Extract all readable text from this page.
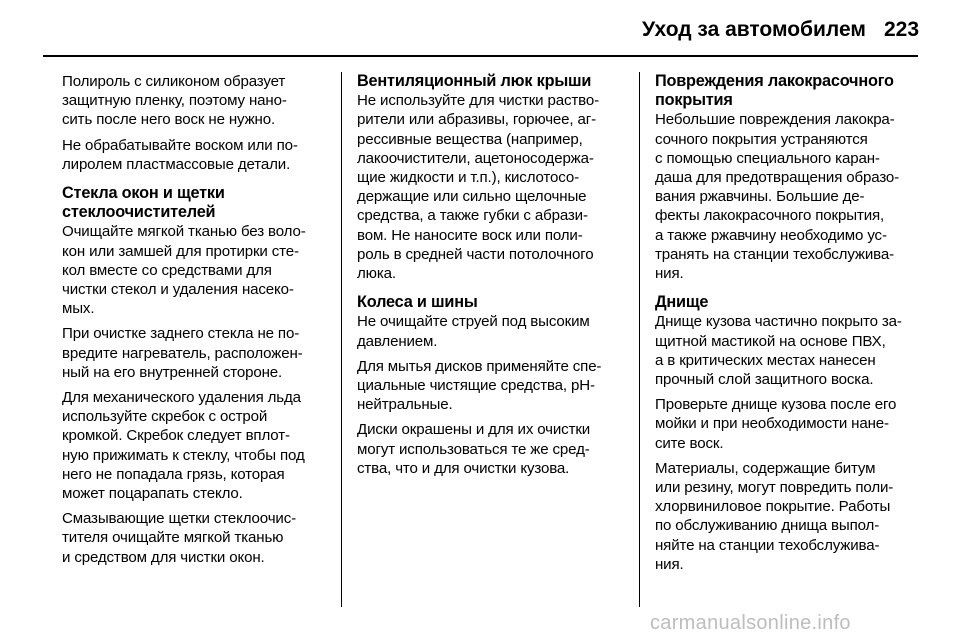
Уход за автомобилем 223

Полироль с силиконом образует
защитную пленку, поэтому нано-
сить после него воск не нужно.

Не обрабатывайте воском или по-
лиролем пластмассовые детали.

Стекла окон и щетки
стеклоочистителей

Очищайте мягкой тканью без воло-
кон или замшей для протирки сте-
кол вместе со средствами для
чистки стекол и удаления насеко-
мых.

При очистке заднего стекла не по-
вредите нагреватель, расположен-
ный на его внутренней стороне.

Для механического удаления льда
используйте скребок с острой
кромкой. Скребок следует вплот-
ную прижимать к стеклу, чтобы под
него не попадала грязь, которая
может поцарапать стекло.

Смазывающие щетки стеклоочис-
тителя очищайте мягкой тканью
и средством для чистки окон.

Вентиляционный люк крыши

Не используйте для чистки раство-
рители или абразивы, горючее, аг-
рессивные вещества (например,
лакоочистители, ацетоносодержа-
щие жидкости и т.п.), кислотосо-
держащие или сильно щелочные
средства, а также губки с абрази-
вом. Не наносите воск или поли-
роль в средней части потолочного
люка.

Колеса и шины

Не очищайте струей под высоким
давлением.

Для мытья дисков применяйте спе-
циальные чистящие средства, pH-
нейтральные.

Диски окрашены и для их очистки
могут использоваться те же сред-
ства, что и для очистки кузова.

Повреждения лакокрасочного
покрытия

Небольшие повреждения лакокра-
сочного покрытия устраняются
с помощью специального каран-
даша для предотвращения образо-
вания ржавчины. Большие де-
фекты лакокрасочного покрытия,
а также ржавчину необходимо ус-
транять на станции техобслужива-
ния.

Днище

Днище кузова частично покрыто за-
щитной мастикой на основе ПВХ,
а в критических местах нанесен
прочный слой защитного воска.

Проверьте днище кузова после его
мойки и при необходимости нане-
сите воск.

Материалы, содержащие битум
или резину, могут повредить поли-
хлорвиниловое покрытие. Работы
по обслуживанию днища выпол-
няйте на станции техобслужива-
ния.

carmanualsonline.info
